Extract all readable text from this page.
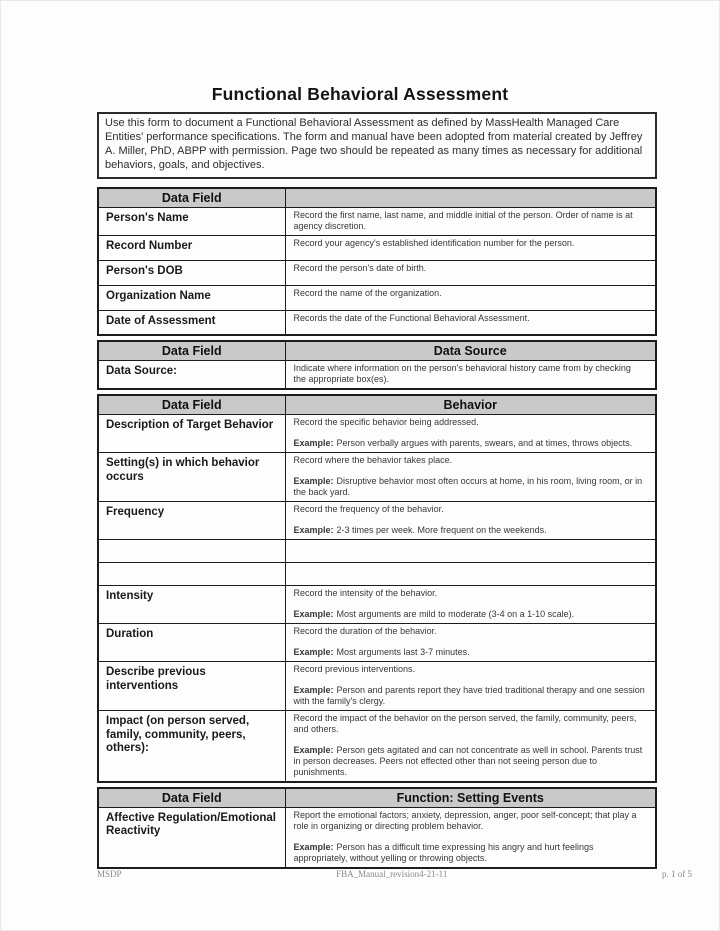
Functional Behavioral Assessment
Use this form to document a Functional Behavioral Assessment as defined by MassHealth Managed Care Entities' performance specifications. The form and manual have been adopted from material created by Jeffrey A. Miller, PhD, ABPP with permission. Page two should be repeated as many times as necessary for additional behaviors, goals, and objectives.
Data Field	
Person's Name	Record the first name, last name, and middle initial of the person. Order of name is at agency discretion.

Record Number	Record your agency's established identification number for the person.

Person's DOB	Record the person's date of birth.

Organization Name	Record the name of the organization.

Date of Assessment	Records the date of the Functional Behavioral Assessment.
Data Field	Data Source
Data Source:	Indicate where information on the person's behavioral history came from by checking the appropriate box(es).
Data Field	Behavior
Description of Target Behavior	Record the specific behavior being addressed.
Example: Person verbally argues with parents, swears, and at times, throws objects.

Setting(s) in which behavior occurs	Record where the behavior takes place.
Example: Disruptive behavior most often occurs at home, in his room, living room, or in the back yard.

Frequency	Record the frequency of the behavior.
Example: 2-3 times per week. More frequent on the weekends.

Intensity	Record the intensity of the behavior.
Example: Most arguments are mild to moderate (3-4 on a 1-10 scale).

Duration	Record the duration of the behavior.
Example: Most arguments last 3-7 minutes.

Describe previous interventions	Record previous interventions.
Example: Person and parents report they have tried traditional therapy and one session with the family's clergy.

Impact (on person served, family, community, peers, others):	Record the impact of the behavior on the person served, the family, community, peers, and others.
Example: Person gets agitated and can not concentrate as well in school. Parents trust in person decreases. Peers not effected other than not seeing person due to punishments.
Data Field	Function: Setting Events
Affective Regulation/Emotional Reactivity	Report the emotional factors; anxiety, depression, anger, poor self-concept; that play a role in organizing or directing problem behavior.
Example: Person has a difficult time expressing his angry and hurt feelings appropriately, without yelling or throwing objects.
MSDP	FBA_Manual_revision4-21-11	p. 1 of 5
